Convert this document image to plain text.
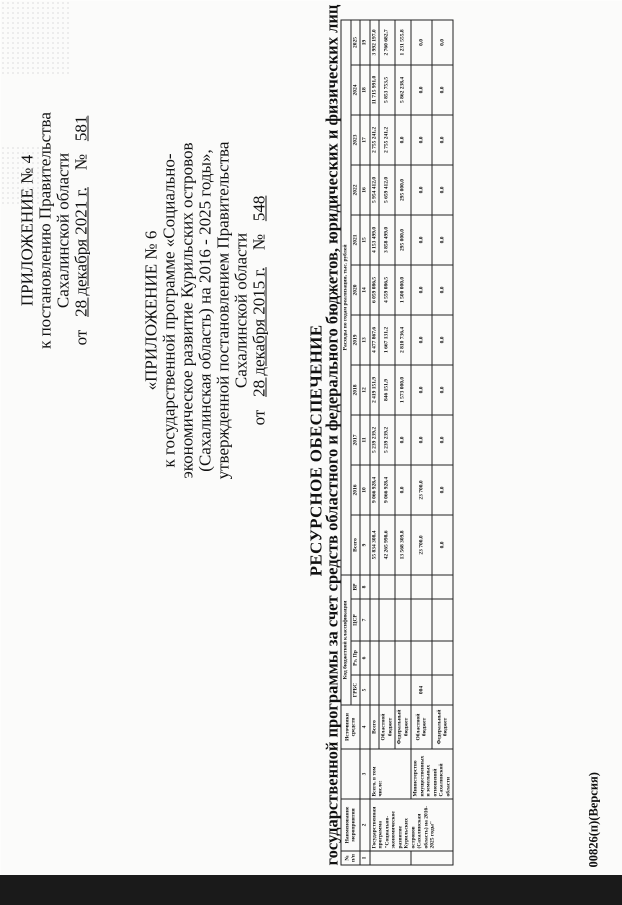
ПРИЛОЖЕНИЕ № 4 к постановлению Правительства Сахалинской области
от   28 декабря 2021 г.    №   581
«ПРИЛОЖЕНИЕ № 6 к государственной программе «Социально- экономическое развитие Курильских островов (Сахалинская область) на 2016 - 2025 годы», утвержденной постановлением Правительства Сахалинской области
от   28 декабря 2015 г.    №   548
РЕСУРСНОЕ ОБЕСПЕЧЕНИЕ
государственной программы за счет средств областного и федерального бюджетов, юридических и физических лиц № п/п	Наименование мероприятия		Источники средств	Код бюджетной классификации				Расходы по годам реализации, тыс. рублей										
				ГРБС	Рз, Пр	ЦСР	ВР	Всего	2016	2017	2018	2019	2020	2021	2022	2023	2024	2025
1	2	3	4	5	6	7	8	9	10	11	12	13	14	15	16	17	18	19
	Государственная программа "Социально-экономическое развитие Курильских островов (Сахалинская область) на 2016-2025 годы"	Всего, в том числе:	Всего					55 834 308,4	9 066 928,4	5 239 239,2	2 419 151,9	4 477 867,6	6 059 086,5	4 153 499,0	5 954 412,0	2 755 241,2	11 715 991,0	3 992 197,0
			Областной бюджет					42 265 998,6	9 066 928,4	5 239 239,2	846 151,9	1 667 131,2	4 559 086,5	3 858 499,0	5 659 412,0	2 755 241,2	5 853 753,5	2 760 682,7
			Федеральный бюджет					13 568 309,8	0,0	0,0	1 573 000,0	2 810 736,4	1 500 000,0	295 000,0	295 000,0	0,0	5 862 238,4	1 231 555,8
		Министерство имущественных и земельных отношений Сахалинской области	Областной бюджет	004				23 700,0	23 700,0	0,0	0,0	0,0	0,0	0,0	0,0	0,0	0,0	0,0
			Федеральный бюджет					0,0	0,0	0,0	0,0	0,0	0,0	0,0	0,0	0,0	0,0	0,0
00826(п)(Версия)
